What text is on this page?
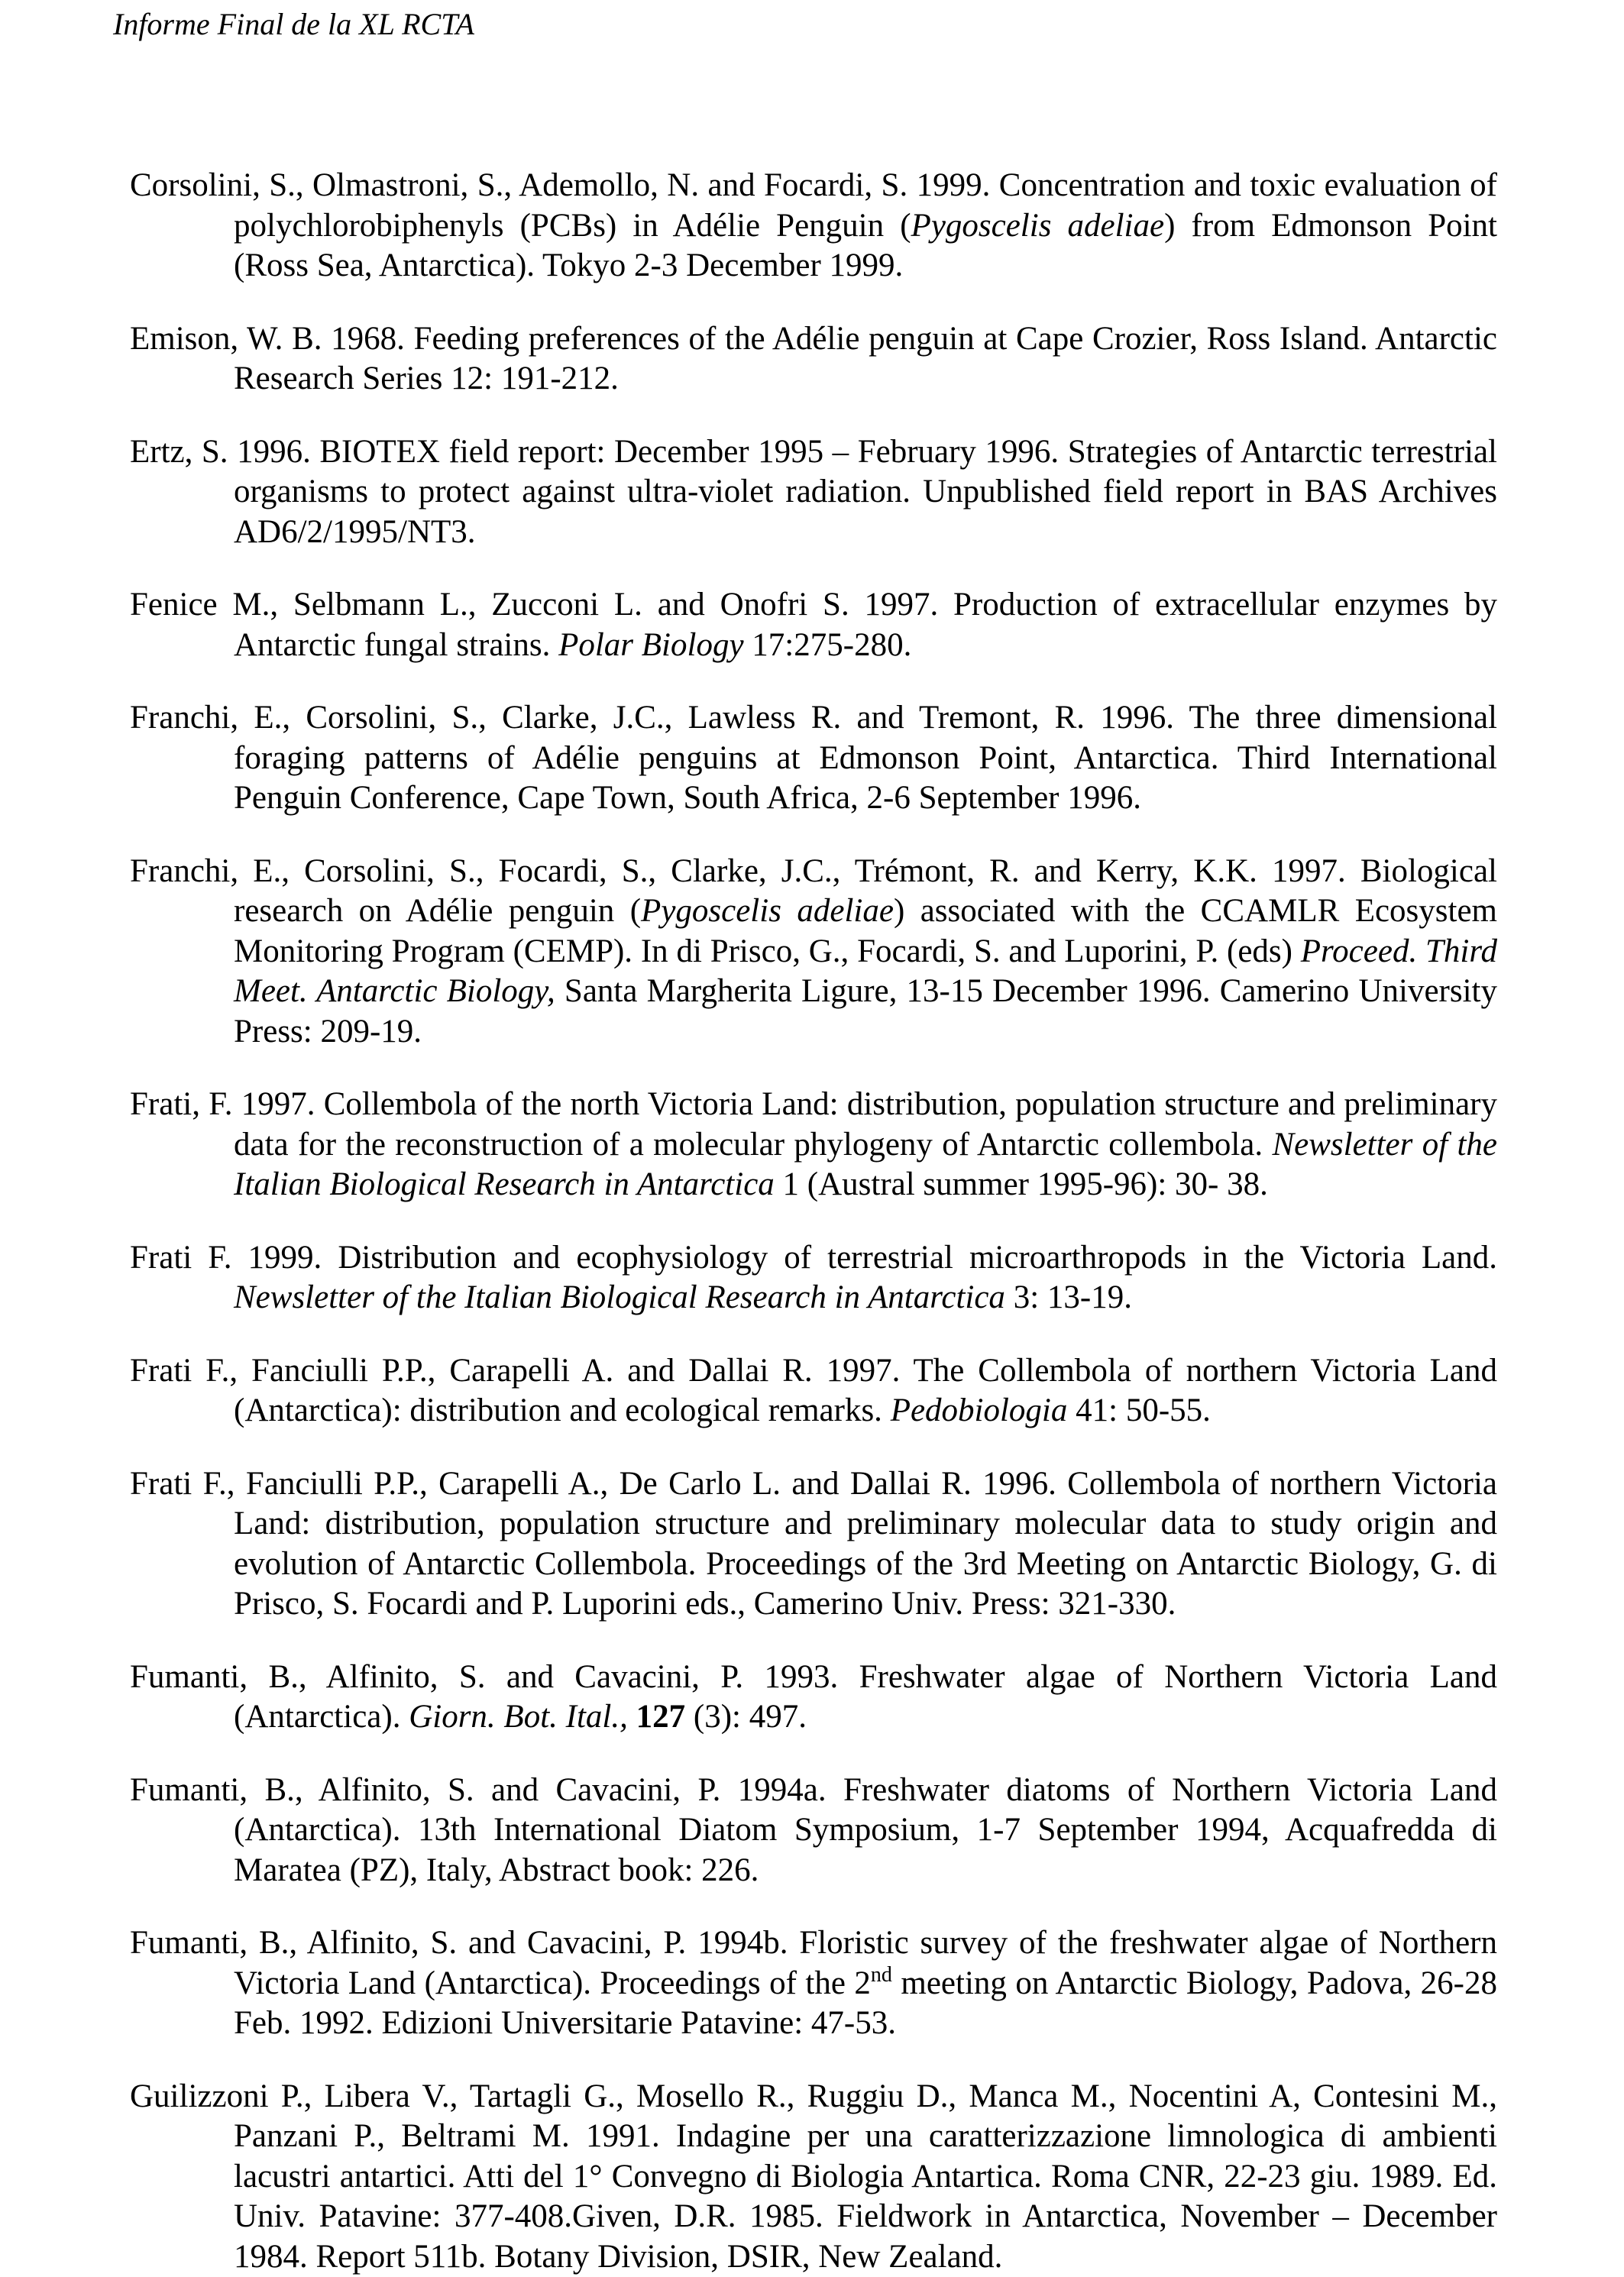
Informe Final de la XL RCTA

Corsolini, S., Olmastroni, S., Ademollo, N. and Focardi, S. 1999. Concentration and toxic evaluation of polychlorobiphenyls (PCBs) in Adélie Penguin (Pygoscelis adeliae) from Edmonson Point (Ross Sea, Antarctica). Tokyo 2-3 December 1999.

Emison, W. B. 1968. Feeding preferences of the Adélie penguin at Cape Crozier, Ross Island. Antarctic Research Series 12: 191-212.

Ertz, S. 1996. BIOTEX field report: December 1995 – February 1996. Strategies of Antarctic terrestrial organisms to protect against ultra-violet radiation. Unpublished field report in BAS Archives AD6/2/1995/NT3.

Fenice M., Selbmann L., Zucconi L. and Onofri S. 1997. Production of extracellular enzymes by Antarctic fungal strains. Polar Biology 17:275-280.

Franchi, E., Corsolini, S., Clarke, J.C., Lawless R. and Tremont, R. 1996. The three dimensional foraging patterns of Adélie penguins at Edmonson Point, Antarctica. Third International Penguin Conference, Cape Town, South Africa, 2-6 September 1996.

Franchi, E., Corsolini, S., Focardi, S., Clarke, J.C., Trémont, R. and Kerry, K.K. 1997. Biological research on Adélie penguin (Pygoscelis adeliae) associated with the CCAMLR Ecosystem Monitoring Program (CEMP). In di Prisco, G., Focardi, S. and Luporini, P. (eds) Proceed. Third Meet. Antarctic Biology, Santa Margherita Ligure, 13-15 December 1996. Camerino University Press: 209-19.

Frati, F. 1997. Collembola of the north Victoria Land: distribution, population structure and preliminary data for the reconstruction of a molecular phylogeny of Antarctic collembola. Newsletter of the Italian Biological Research in Antarctica 1 (Austral summer 1995-96): 30- 38.

Frati F. 1999. Distribution and ecophysiology of terrestrial microarthropods in the Victoria Land. Newsletter of the Italian Biological Research in Antarctica 3: 13-19.

Frati F., Fanciulli P.P., Carapelli A. and Dallai R. 1997. The Collembola of northern Victoria Land (Antarctica): distribution and ecological remarks. Pedobiologia 41: 50-55.

Frati F., Fanciulli P.P., Carapelli A., De Carlo L. and Dallai R. 1996. Collembola of northern Victoria Land: distribution, population structure and preliminary molecular data to study origin and evolution of Antarctic Collembola. Proceedings of the 3rd Meeting on Antarctic Biology, G. di Prisco, S. Focardi and P. Luporini eds., Camerino Univ. Press: 321-330.

Fumanti, B., Alfinito, S. and Cavacini, P. 1993. Freshwater algae of Northern Victoria Land (Antarctica). Giorn. Bot. Ital., 127 (3): 497.

Fumanti, B., Alfinito, S. and Cavacini, P. 1994a. Freshwater diatoms of Northern Victoria Land (Antarctica). 13th International Diatom Symposium, 1-7 September 1994, Acquafredda di Maratea (PZ), Italy, Abstract book: 226.

Fumanti, B., Alfinito, S. and Cavacini, P. 1994b. Floristic survey of the freshwater algae of Northern Victoria Land (Antarctica). Proceedings of the 2nd meeting on Antarctic Biology, Padova, 26-28 Feb. 1992. Edizioni Universitarie Patavine: 47-53.

Guilizzoni P., Libera V., Tartagli G., Mosello R., Ruggiu D., Manca M., Nocentini A, Contesini M., Panzani P., Beltrami M. 1991. Indagine per una caratterizzazione limnologica di ambienti lacustri antartici. Atti del 1° Convegno di Biologia Antartica. Roma CNR, 22-23 giu. 1989. Ed. Univ. Patavine: 377-408.Given, D.R. 1985. Fieldwork in Antarctica, November – December 1984. Report 511b. Botany Division, DSIR, New Zealand.
